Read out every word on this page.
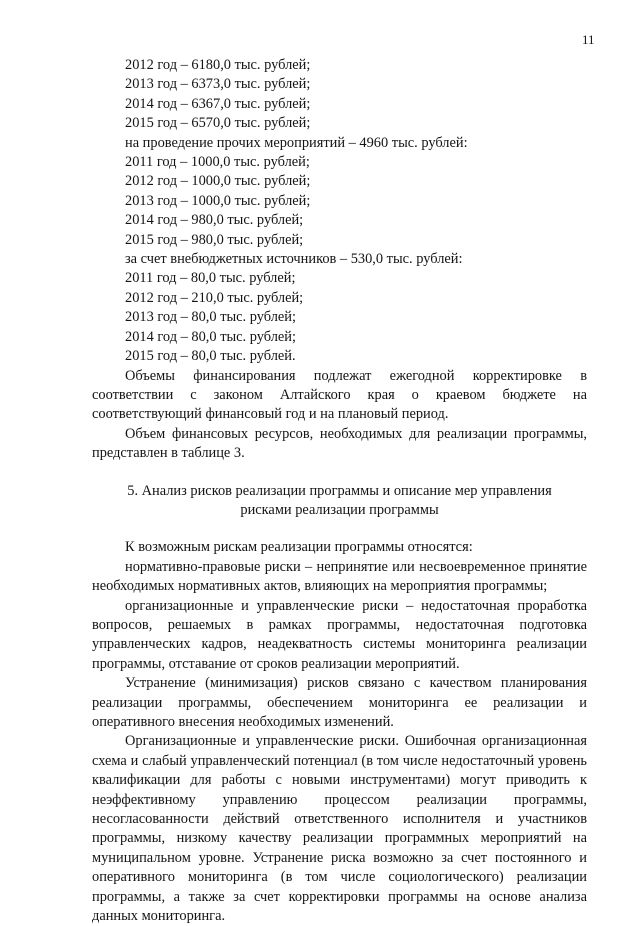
11
2012 год – 6180,0 тыс. рублей;
2013 год – 6373,0 тыс. рублей;
2014 год – 6367,0 тыс. рублей;
2015 год – 6570,0 тыс. рублей;
на проведение прочих мероприятий – 4960 тыс. рублей:
2011 год – 1000,0 тыс. рублей;
2012 год – 1000,0 тыс. рублей;
2013 год – 1000,0 тыс. рублей;
2014 год – 980,0 тыс. рублей;
2015 год – 980,0 тыс. рублей;
за счет внебюджетных источников – 530,0 тыс. рублей:
2011 год – 80,0 тыс. рублей;
2012 год – 210,0 тыс. рублей;
2013 год – 80,0 тыс. рублей;
2014 год – 80,0 тыс. рублей;
2015 год – 80,0 тыс. рублей.

Объемы финансирования подлежат ежегодной корректировке в соответствии с законом Алтайского края о краевом бюджете на соответствующий финансовый год и на плановый период.

Объем финансовых ресурсов, необходимых для реализации программы, представлен в таблице 3.

5. Анализ рисков реализации программы и описание мер управления
рисками реализации программы

К возможным рискам реализации программы относятся:

нормативно-правовые риски – непринятие или несвоевременное принятие необходимых нормативных актов, влияющих на мероприятия программы;

организационные и управленческие риски – недостаточная проработка вопросов, решаемых в рамках программы, недостаточная подготовка управленческих кадров, неадекватность системы мониторинга реализации программы, отставание от сроков реализации мероприятий.

Устранение (минимизация) рисков связано с качеством планирования реализации программы, обеспечением мониторинга ее реализации и оперативного внесения необходимых изменений.

Организационные и управленческие риски. Ошибочная организационная схема и слабый управленческий потенциал (в том числе недостаточный уровень квалификации для работы с новыми инструментами) могут приводить к неэффективному управлению процессом реализации программы, несогласованности действий ответственного исполнителя и участников программы, низкому качеству реализации программных мероприятий на муниципальном уровне. Устранение риска возможно за счет постоянного и оперативного мониторинга (в том числе социологического) реализации программы, а также за счет корректировки программы на основе анализа данных мониторинга.
